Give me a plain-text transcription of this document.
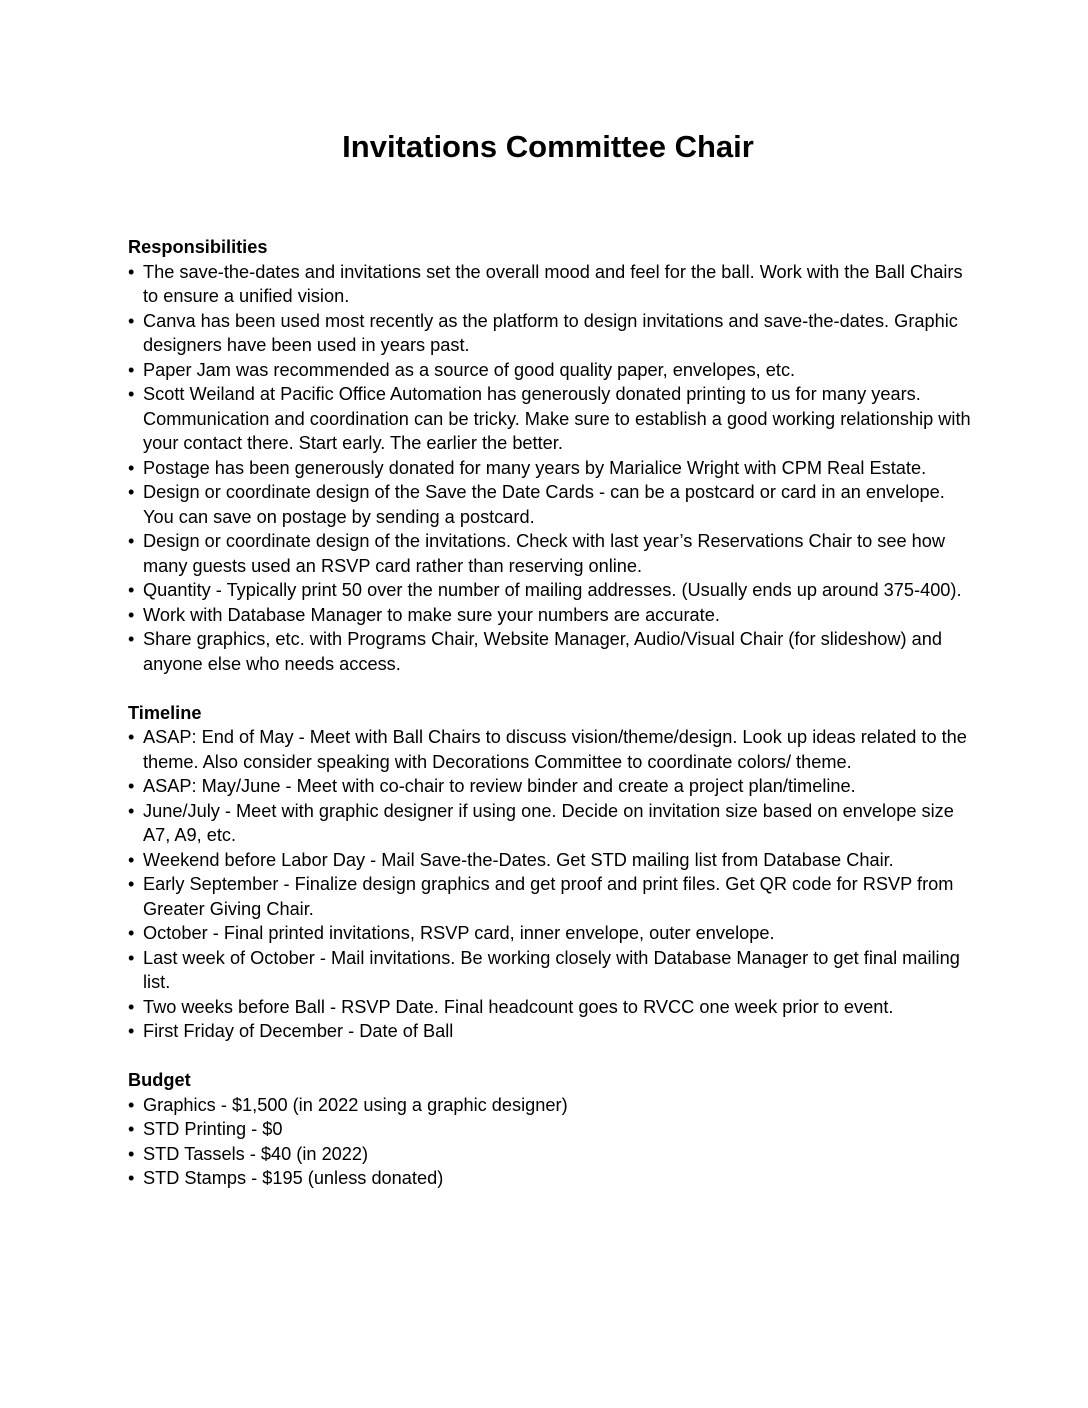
Invitations Committee Chair

Responsibilities

• The save-the-dates and invitations set the overall mood and feel for the ball. Work with the Ball Chairs to ensure a unified vision.
• Canva has been used most recently as the platform to design invitations and save-the-dates. Graphic designers have been used in years past.
• Paper Jam was recommended as a source of good quality paper, envelopes, etc.
• Scott Weiland at Pacific Office Automation has generously donated printing to us for many years. Communication and coordination can be tricky. Make sure to establish a good working relationship with your contact there. Start early. The earlier the better.
• Postage has been generously donated for many years by Marialice Wright with CPM Real Estate.
• Design or coordinate design of the Save the Date Cards - can be a postcard or card in an envelope. You can save on postage by sending a postcard.
• Design or coordinate design of the invitations. Check with last year’s Reservations Chair to see how many guests used an RSVP card rather than reserving online.
• Quantity - Typically print 50 over the number of mailing addresses. (Usually ends up around 375-400).
• Work with Database Manager to make sure your numbers are accurate.
• Share graphics, etc. with Programs Chair, Website Manager, Audio/Visual Chair (for slideshow) and anyone else who needs access.

Timeline

• ASAP: End of May - Meet with Ball Chairs to discuss vision/theme/design. Look up ideas related to the theme. Also consider speaking with Decorations Committee to coordinate colors/ theme.
• ASAP: May/June - Meet with co-chair to review binder and create a project plan/timeline.
• June/July - Meet with graphic designer if using one. Decide on invitation size based on envelope size A7, A9, etc.
• Weekend before Labor Day - Mail Save-the-Dates. Get STD mailing list from Database Chair.
• Early September - Finalize design graphics and get proof and print files. Get QR code for RSVP from Greater Giving Chair.
• October - Final printed invitations, RSVP card, inner envelope, outer envelope.
• Last week of October - Mail invitations. Be working closely with Database Manager to get final mailing list.
• Two weeks before Ball - RSVP Date. Final headcount goes to RVCC one week prior to event.
• First Friday of December - Date of Ball

Budget

• Graphics - $1,500 (in 2022 using a graphic designer)
• STD Printing - $0
• STD Tassels - $40 (in 2022)
• STD Stamps - $195 (unless donated)
